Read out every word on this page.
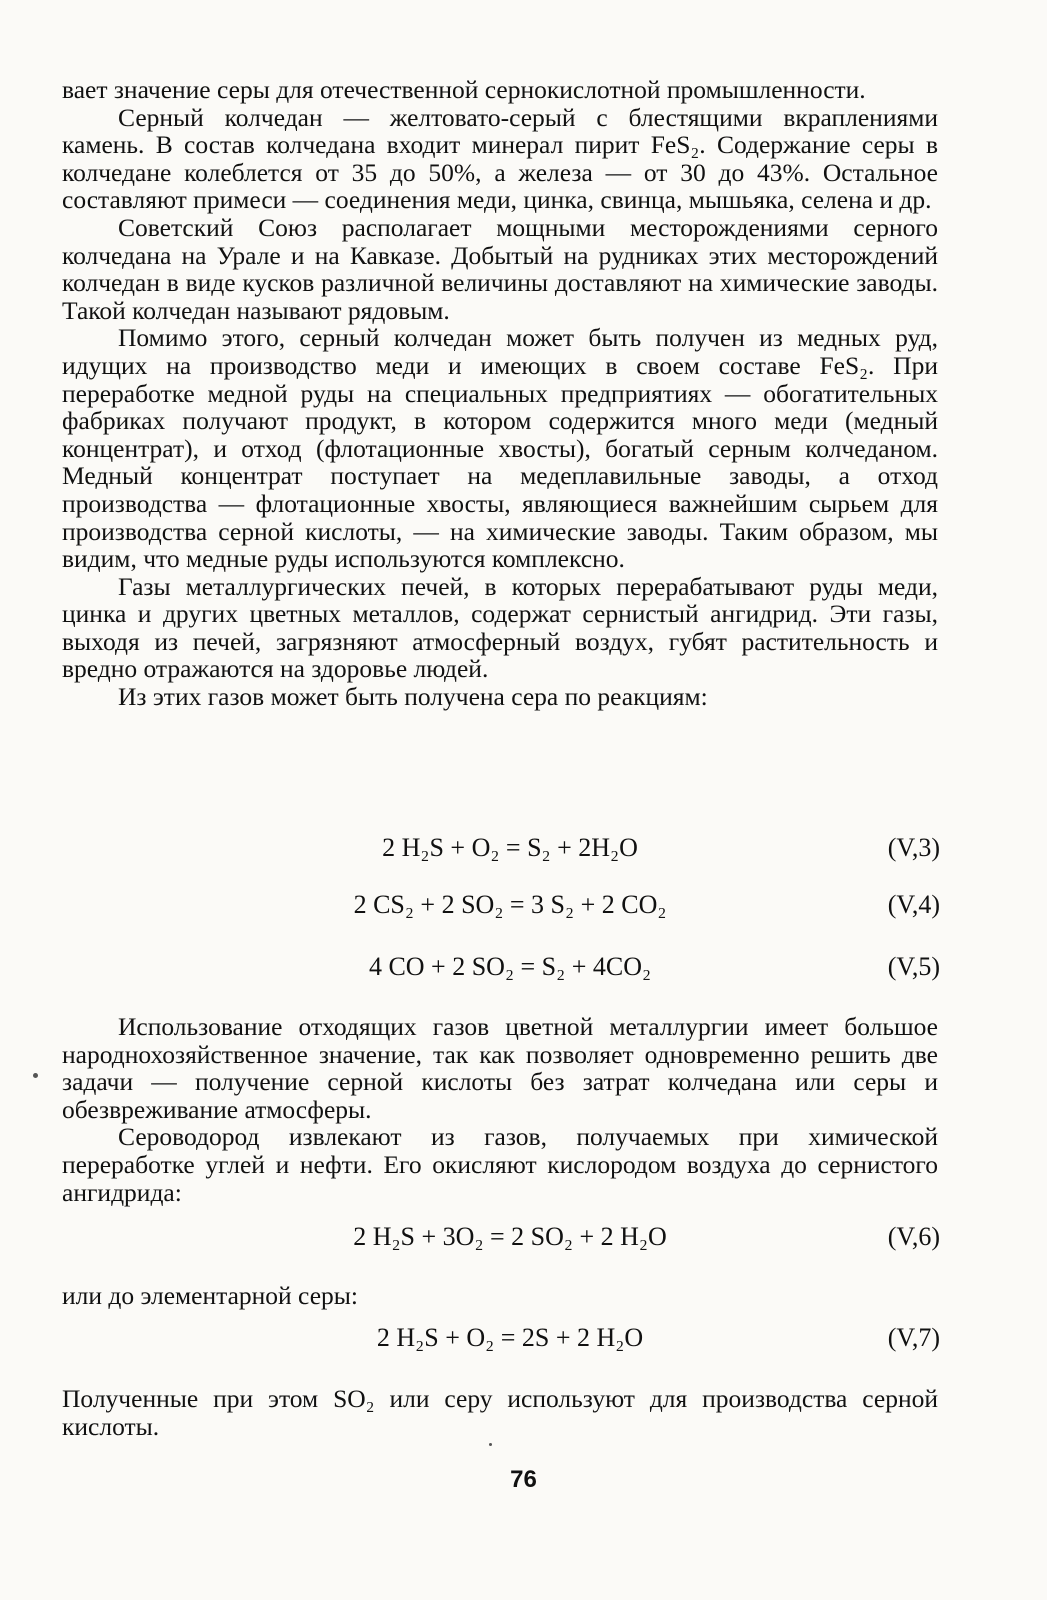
вает значение серы для отечественной сернокислотной промышленности.

Серный колчедан — желтовато-серый с блестящими вкраплениями камень. В состав колчедана входит минерал пирит FeS₂. Содержание серы в колчедане колеблется от 35 до 50%, а железа — от 30 до 43%. Остальное составляют примеси — соединения меди, цинка, свинца, мышьяка, селена и др.

Советский Союз располагает мощными месторождениями серного колчедана на Урале и на Кавказе. Добытый на рудниках этих месторождений колчедан в виде кусков различной величины доставляют на химические заводы. Такой колчедан называют рядовым.

Помимо этого, серный колчедан может быть получен из медных руд, идущих на производство меди и имеющих в своем составе FeS₂. При переработке медной руды на специальных предприятиях — обогатительных фабриках получают продукт, в котором содержится много меди (медный концентрат), и отход (флотационные хвосты), богатый серным колчеданом. Медный концентрат поступает на медеплавильные заводы, а отход производства — флотационные хвосты, являющиеся важнейшим сырьем для производства серной кислоты, — на химические заводы. Таким образом, мы видим, что медные руды используются комплексно.

Газы металлургических печей, в которых перерабатывают руды меди, цинка и других цветных металлов, содержат сернистый ангидрид. Эти газы, выходя из печей, загрязняют атмосферный воздух, губят растительность и вредно отражаются на здоровье людей.

Из этих газов может быть получена сера по реакциям:

2 H₂S + O₂ = S₂ + 2H₂O	(V,3)
2 CS₂ + 2 SO₂ = 3 S₂ + 2 CO₂	(V,4)
4 CO + 2 SO₂ = S₂ + 4CO₂	(V,5)

Использование отходящих газов цветной металлургии имеет большое народнохозяйственное значение, так как позволяет одновременно решить две задачи — получение серной кислоты без затрат колчедана или серы и обезвреживание атмосферы.

Сероводород извлекают из газов, получаемых при химической переработке углей и нефти. Его окисляют кислородом воздуха до сернистого ангидрида:

2 H₂S + 3O₂ = 2 SO₂ + 2 H₂O	(V,6)

или до элементарной серы:

2 H₂S + O₂ = 2S + 2 H₂O	(V,7)

Полученные при этом SO₂ или серу используют для производства серной кислоты.

76
